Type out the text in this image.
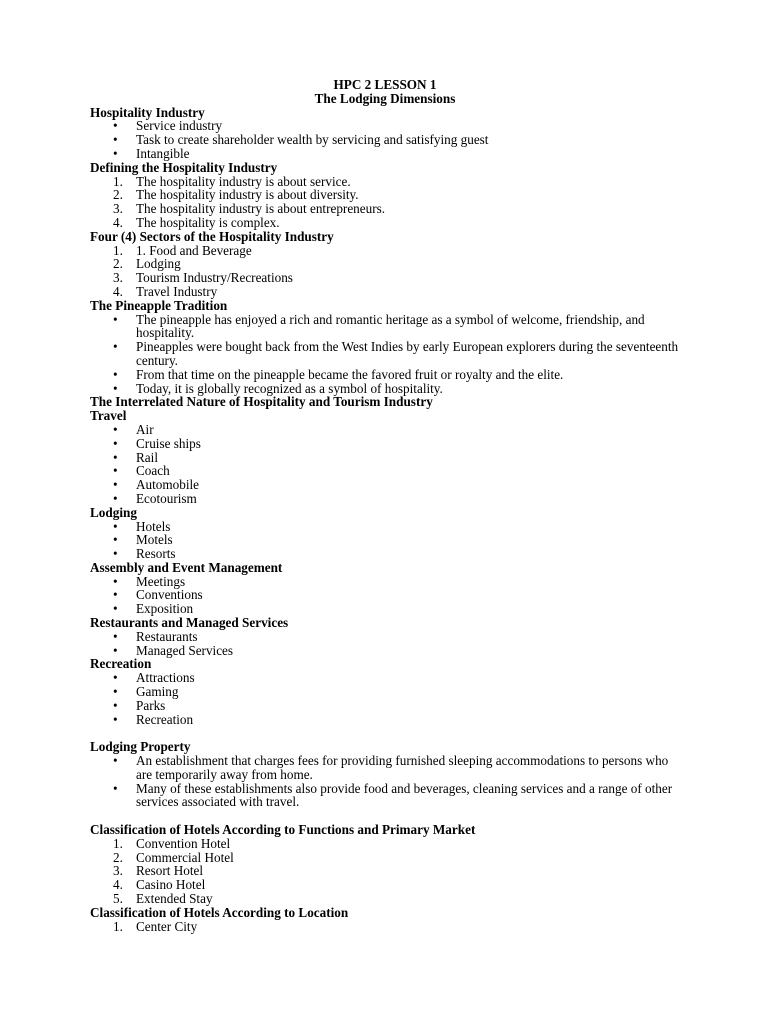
HPC 2 LESSON 1
The Lodging Dimensions
Hospitality Industry
• Service industry
• Task to create shareholder wealth by servicing and satisfying guest
• Intangible
Defining the Hospitality Industry
1. The hospitality industry is about service.
2. The hospitality industry is about diversity.
3. The hospitality industry is about entrepreneurs.
4. The hospitality is complex.
Four (4) Sectors of the Hospitality Industry
1. 1. Food and Beverage
2. Lodging
3. Tourism Industry/Recreations
4. Travel Industry
The Pineapple Tradition
• The pineapple has enjoyed a rich and romantic heritage as a symbol of welcome, friendship, and hospitality.
• Pineapples were bought back from the West Indies by early European explorers during the seventeenth century.
• From that time on the pineapple became the favored fruit or royalty and the elite.
• Today, it is globally recognized as a symbol of hospitality.
The Interrelated Nature of Hospitality and Tourism Industry
Travel
• Air
• Cruise ships
• Rail
• Coach
• Automobile
• Ecotourism
Lodging
• Hotels
• Motels
• Resorts
Assembly and Event Management
• Meetings
• Conventions
• Exposition
Restaurants and Managed Services
• Restaurants
• Managed Services
Recreation
• Attractions
• Gaming
• Parks
• Recreation
Lodging Property
• An establishment that charges fees for providing furnished sleeping accommodations to persons who are temporarily away from home.
• Many of these establishments also provide food and beverages, cleaning services and a range of other services associated with travel.
Classification of Hotels According to Functions and Primary Market
1. Convention Hotel
2. Commercial Hotel
3. Resort Hotel
4. Casino Hotel
5. Extended Stay
Classification of Hotels According to Location
1. Center City
